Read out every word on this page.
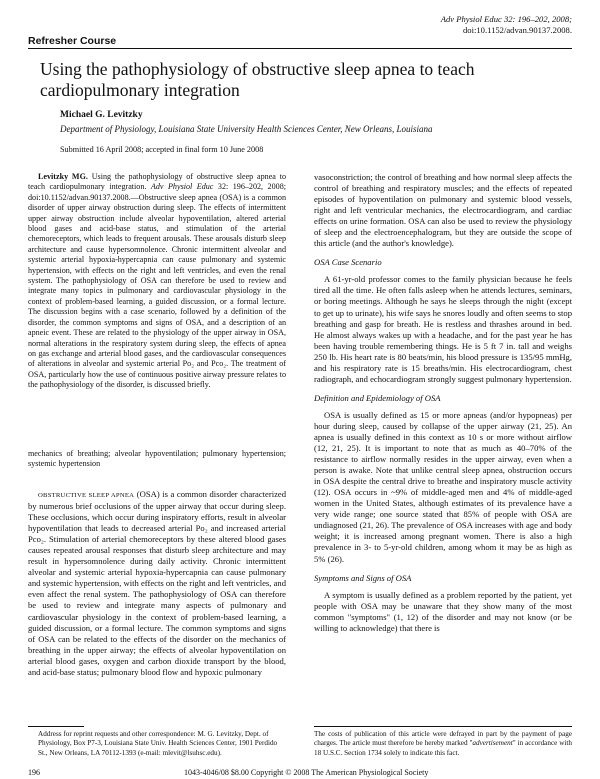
Adv Physiol Educ 32: 196–202, 2008;
doi:10.1152/advan.90137.2008.
Refresher Course
Using the pathophysiology of obstructive sleep apnea to teach cardiopulmonary integration
Michael G. Levitzky
Department of Physiology, Louisiana State University Health Sciences Center, New Orleans, Louisiana
Submitted 16 April 2008; accepted in final form 10 June 2008

Levitzky MG. Using the pathophysiology of obstructive sleep apnea to teach cardiopulmonary integration. Adv Physiol Educ 32: 196–202, 2008; doi:10.1152/advan.90137.2008.—Obstructive sleep apnea (OSA) is a common disorder of upper airway obstruction during sleep. The effects of intermittent upper airway obstruction include alveolar hypoventilation, altered arterial blood gases and acid-base status, and stimulation of the arterial chemoreceptors, which leads to frequent arousals. These arousals disturb sleep architecture and cause hypersomnolence. Chronic intermittent alveolar and systemic arterial hypoxia-hypercapnia can cause pulmonary and systemic hypertension, with effects on the right and left ventricles, and even the renal system. The pathophysiology of OSA can therefore be used to review and integrate many topics in pulmonary and cardiovascular physiology in the context of problem-based learning, a guided discussion, or a formal lecture. The discussion begins with a case scenario, followed by a definition of the disorder, the common symptoms and signs of OSA, and a description of an apneic event. These are related to the physiology of the upper airway in OSA, normal alterations in the respiratory system during sleep, the effects of apnea on gas exchange and arterial blood gases, and the cardiovascular consequences of alterations in alveolar and systemic arterial Po₂ and Pco₂. The treatment of OSA, particularly how the use of continuous positive airway pressure relates to the pathophysiology of the disorder, is discussed briefly.

mechanics of breathing; alveolar hypoventilation; pulmonary hypertension; systemic hypertension

OBSTRUCTIVE SLEEP APNEA (OSA) is a common disorder characterized by numerous brief occlusions of the upper airway that occur during sleep. These occlusions, which occur during inspiratory efforts, result in alveolar hypoventilation that leads to decreased arterial Po₂ and increased arterial Pco₂. Stimulation of arterial chemoreceptors by these altered blood gases causes repeated arousal responses that disturb sleep architecture and may result in hypersomnolence during daily activity. Chronic intermittent alveolar and systemic arterial hypoxia-hypercapnia can cause pulmonary and systemic hypertension, with effects on the right and left ventricles, and even affect the renal system. The pathophysiology of OSA can therefore be used to review and integrate many aspects of pulmonary and cardiovascular physiology in the context of problem-based learning, a guided discussion, or a formal lecture. The common symptoms and signs of OSA can be related to the effects of the disorder on the mechanics of breathing in the upper airway; the effects of alveolar hypoventilation on arterial blood gases, oxygen and carbon dioxide transport by the blood, and acid-base status; pulmonary blood flow and hypoxic pulmonary

vasoconstriction; the control of breathing and how normal sleep affects the control of breathing and respiratory muscles; and the effects of repeated episodes of hypoventilation on pulmonary and systemic blood vessels, right and left ventricular mechanics, the electrocardiogram, and cardiac effects on urine formation. OSA can also be used to review the physiology of sleep and the electroencephalogram, but they are outside the scope of this article (and the author's knowledge).

OSA Case Scenario

A 61-yr-old professor comes to the family physician because he feels tired all the time. He often falls asleep when he attends lectures, seminars, or boring meetings. Although he says he sleeps through the night (except to get up to urinate), his wife says he snores loudly and often seems to stop breathing and gasp for breath. He is restless and thrashes around in bed. He almost always wakes up with a headache, and for the past year he has been having trouble remembering things. He is 5 ft 7 in. tall and weighs 250 lb. His heart rate is 80 beats/min, his blood pressure is 135/95 mmHg, and his respiratory rate is 15 breaths/min. His electrocardiogram, chest radiograph, and echocardiogram strongly suggest pulmonary hypertension.

Definition and Epidemiology of OSA

OSA is usually defined as 15 or more apneas (and/or hypopneas) per hour during sleep, caused by collapse of the upper airway (21, 25). An apnea is usually defined in this context as 10 s or more without airflow (12, 21, 25). It is important to note that as much as 40–70% of the resistance to airflow normally resides in the upper airway, even when a person is awake. Note that unlike central sleep apnea, obstruction occurs in OSA despite the central drive to breathe and inspiratory muscle activity (12). OSA occurs in ~9% of middle-aged men and 4% of middle-aged women in the United States, although estimates of its prevalence have a very wide range; one source stated that 85% of people with OSA are undiagnosed (21, 26). The prevalence of OSA increases with age and body weight; it is increased among pregnant women. There is also a high prevalence in 3- to 5-yr-old children, among whom it may be as high as 5% (26).

Symptoms and Signs of OSA

A symptom is usually defined as a problem reported by the patient, yet people with OSA may be unaware that they show many of the most common "symptoms" (1, 12) of the disorder and may not know (or be willing to acknowledge) that there is

Address for reprint requests and other correspondence: M. G. Levitzky, Dept. of Physiology, Box P7-3, Louisiana State Univ. Health Sciences Center, 1901 Perdido St., New Orleans, LA 70112-1393 (e-mail: mlevit@lsuhsc.edu).
The costs of publication of this article were defrayed in part by the payment of page charges. The article must therefore be hereby marked "advertisement" in accordance with 18 U.S.C. Section 1734 solely to indicate this fact.
196	1043-4046/08 $8.00 Copyright © 2008 The American Physiological Society
